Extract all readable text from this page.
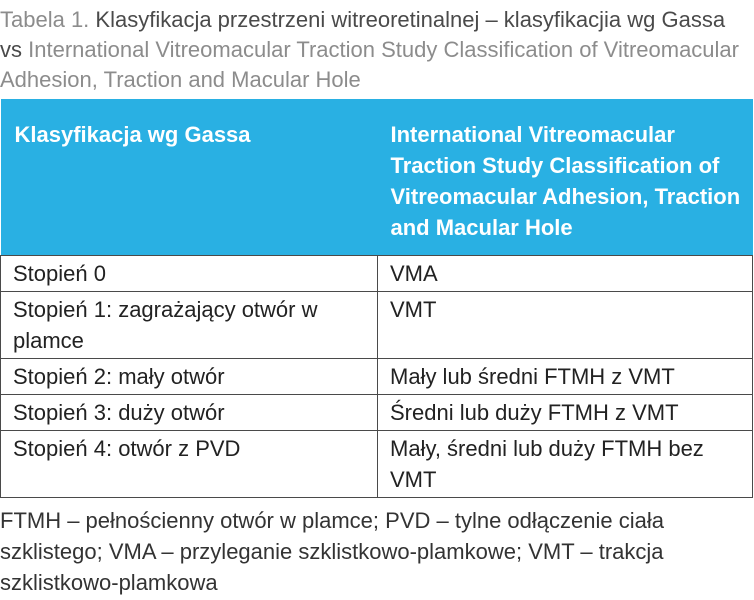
Tabela 1. Klasyfikacja przestrzeni witreoretinalnej – klasyfikacjia wg Gassa vs International Vitreomacular Traction Study Classification of Vitreomacular Adhesion, Traction and Macular Hole
Klasyfikacja wg Gassa	International Vitreomacular Traction Study Classification of Vitreomacular Adhesion, Traction and Macular Hole
Stopień 0	VMA
Stopień 1: zagrażający otwór w plamce	VMT
Stopień 2: mały otwór	Mały lub średni FTMH z VMT
Stopień 3: duży otwór	Średni lub duży FTMH z VMT
Stopień 4: otwór z PVD	Mały, średni lub duży FTMH bez VMT
FTMH – pełnościenny otwór w plamce; PVD – tylne odłączenie ciała szklistego; VMA – przyleganie szklistkowo-plamkowe; VMT – trakcja szklistkowo-plamkowa
